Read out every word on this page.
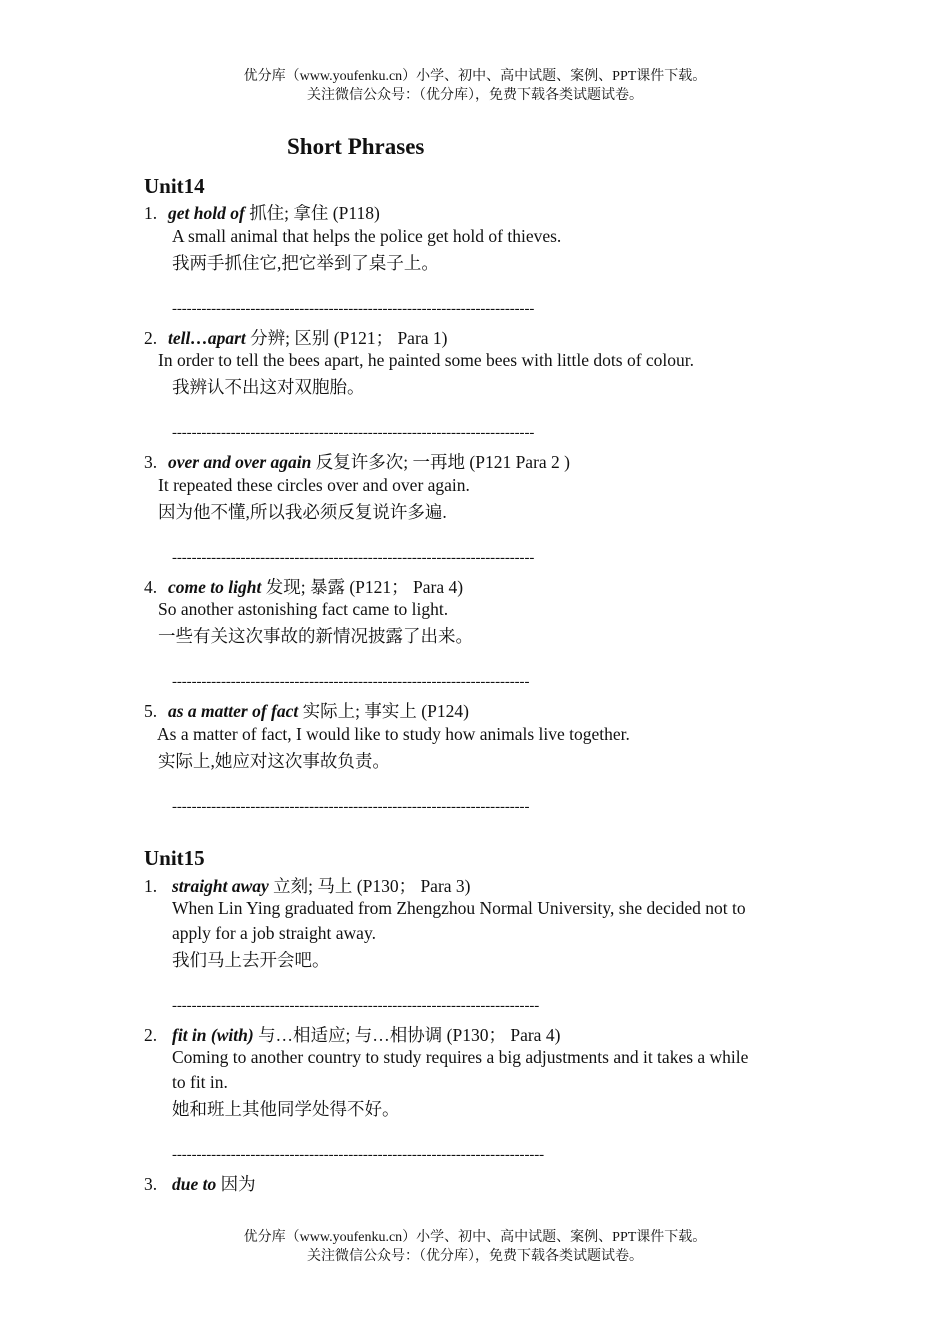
优分库（www.youfenku.cn）小学、初中、高中试题、案例、PPT课件下载。
关注微信公众号：（优分库），免费下载各类试题试卷。
Short Phrases
Unit14
1. get hold of 抓住; 拿住 (P118)
A small animal that helps the police get hold of thieves.
我两手抓住它,把它举到了桌子上。
--------------------------------------------------------------------------
2. tell…apart 分辨; 区别 (P121； Para 1)
In order to tell the bees apart, he painted some bees with little dots of colour.
我辨认不出这对双胞胎。
--------------------------------------------------------------------------
3. over and over again 反复许多次; 一再地 (P121 Para 2 )
It repeated these circles over and over again.
因为他不懂,所以我必须反复说许多遍.
--------------------------------------------------------------------------
4. come to light 发现; 暴露 (P121； Para 4)
So another astonishing fact came to light.
一些有关这次事故的新情况披露了出来。
-------------------------------------------------------------------------
5. as a matter of fact 实际上; 事实上 (P124)
As a matter of fact, I would like to study how animals live together.
实际上,她应对这次事故负责。
-------------------------------------------------------------------------
Unit15
1. straight away 立刻; 马上 (P130； Para 3)
When Lin Ying graduated from Zhengzhou Normal University, she decided not to
apply for a job straight away.
我们马上去开会吧。
---------------------------------------------------------------------------
2. fit in (with) 与…相适应; 与…相协调 (P130； Para 4)
Coming to another country to study requires a big adjustments and it takes a while
to fit in.
她和班上其他同学处得不好。
----------------------------------------------------------------------------
3. due to 因为
优分库（www.youfenku.cn）小学、初中、高中试题、案例、PPT课件下载。
关注微信公众号：（优分库），免费下载各类试题试卷。
